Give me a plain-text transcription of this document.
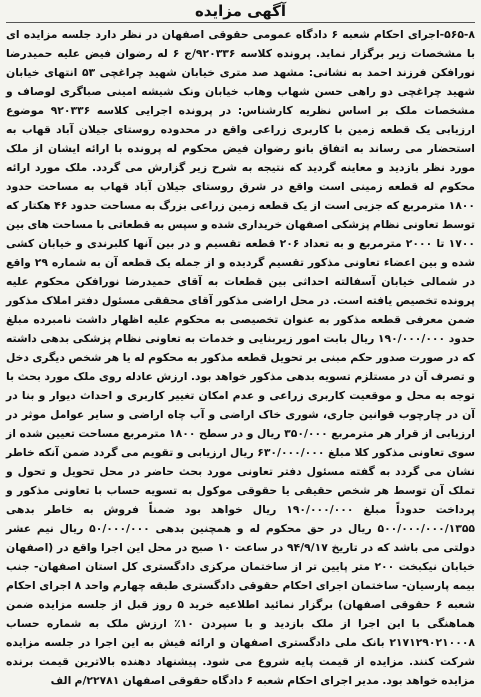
آگهی مزایده

۵۶۵-۸-اجرای احکام شعبه ۶ دادگاه عمومی حقوقی اصفهان در نظر دارد جلسه مزایده ای با مشخصات زیر برگزار نماید. پرونده کلاسه ۹۲۰۳۳۶/ج ۶ له رضوان فیض علیه حمیدرضا نورافکن فرزند احمد به نشانی: مشهد صد متری خیابان شهید چراغچی ۵۳ انتهای خیابان شهید چراغچی دو راهی حسن شهاب وهاب خیابان ونک شیشه امینی صباگری لوصاف و مشخصات ملک بر اساس نظریه کارشناس: در پرونده اجرایی کلاسه ۹۲۰۳۳۶ موضوع ارزیابی یک قطعه زمین با کاربری زراعی واقع در محدوده روستای جیلان آباد قهاب به استحضار می رساند به اتفاق بانو رضوان فیض محکوم له پرونده با ارائه ایشان از ملک مورد نظر بازدید و معاینه گردید که نتیجه به شرح زیر گزارش می گردد. ملک مورد ارائه محکوم له قطعه زمینی است واقع در شرق روستای جیلان آباد قهاب به مساحت حدود ۱۸۰۰ مترمربع که جزیی است از یک قطعه زمین زراعی بزرگ به مساحت حدود ۴۶ هکتار که توسط تعاونی نظام پزشکی اصفهان خریداری شده و سپس به قطعاتی با مساحت های بین ۱۷۰۰ تا ۲۰۰۰ مترمربع و به تعداد ۲۰۶ قطعه تقسیم و در بین آنها کلبرندی و خیابان کشی شده و بین اعضاء تعاونی مذکور تقسیم گردیده و از جمله یک قطعه آن به شماره ۲۹ واقع در شمالی خیابان آسفالته احداثی بین قطعات به آقای حمیدرضا نورافکن محکوم علیه پرونده تخصیص یافته است. در محل اراضی مذکور آقای محققی مسئول دفتر املاک مذکور ضمن معرفی قطعه مذکور به عنوان تخصیصی به محکوم علیه اظهار داشت نامبرده مبلغ حدود ۱۹۰/۰۰۰/۰۰۰ ریال بابت امور زیربنایی و خدمات به تعاونی نظام پزشکی بدهی داشته که در صورت صدور حکم مبنی بر تحویل قطعه مذکور به محکوم له یا هر شخص دیگری دخل و تصرف آن در مستلزم تسویه بدهی مذکور خواهد بود. ارزش عادله روی ملک مورد بحث با توجه به محل و موقعیت کاربری زراعی و عدم امکان تغییر کاربری و احداث دیوار و بنا در آن در چارچوب قوانین جاری، شوری خاک اراضی و آب چاه اراضی و سایر عوامل موثر در ارزیابی از قرار هر مترمربع ۳۵۰/۰۰۰ ریال و در سطح ۱۸۰۰ مترمربع مساحت تعیین شده از سوی تعاونی مذکور کلا مبلغ ۶۳۰/۰۰۰/۰۰۰ ریال ارزیابی و تقویم می گردد ضمن آنکه خاطر نشان می گردد به گفته مسئول دفتر تعاونی مورد بحث حاضر در محل تحویل و تحول و تملک آن توسط هر شخص حقیقی یا حقوقی موکول به تسویه حساب با تعاونی مذکور و پرداخت حدوداً مبلغ ۱۹۰/۰۰۰/۰۰۰ ریال خواهد بود ضمناً فروش به خاطر بدهی ۵۰۰/۰۰۰/۰۰۰/۱۳۵۵ ریال در حق محکوم له و همچنین بدهی ۵۰/۰۰۰/۰۰۰ ریال نیم عشر دولتی می باشد که در تاریخ ۹۴/۹/۱۷ در ساعت ۱۰ صبح در محل این اجرا واقع در (اصفهان خیابان نیکبخت ۲۰۰ متر پایین تر از ساختمان مرکزی دادگستری کل استان اصفهان- جنب بیمه پارسیان- ساختمان اجرای احکام حقوقی دادگستری طبقه چهارم واحد ۸ اجرای احکام شعبه ۶ حقوقی اصفهان) برگزار نمائید اطلاعیه خرید ۵ روز قبل از جلسه مزایده ضمن هماهنگی با این اجرا از ملک بازدید و با سپردن ۱۰٪ ارزش ملک به شماره حساب ۲۱۷۱۲۹۰۲۱۰۰۰۸ بانک ملی دادگستری اصفهان و ارائه فیش به این اجرا در جلسه مزایده شرکت کنند. مزایده از قیمت پایه شروع می شود. پیشنهاد دهنده بالاترین قیمت برنده مزایده خواهد بود. مدیر اجرای احکام شعبه ۶ دادگاه حقوقی اصفهان ۲۲۷۸۱/م الف
